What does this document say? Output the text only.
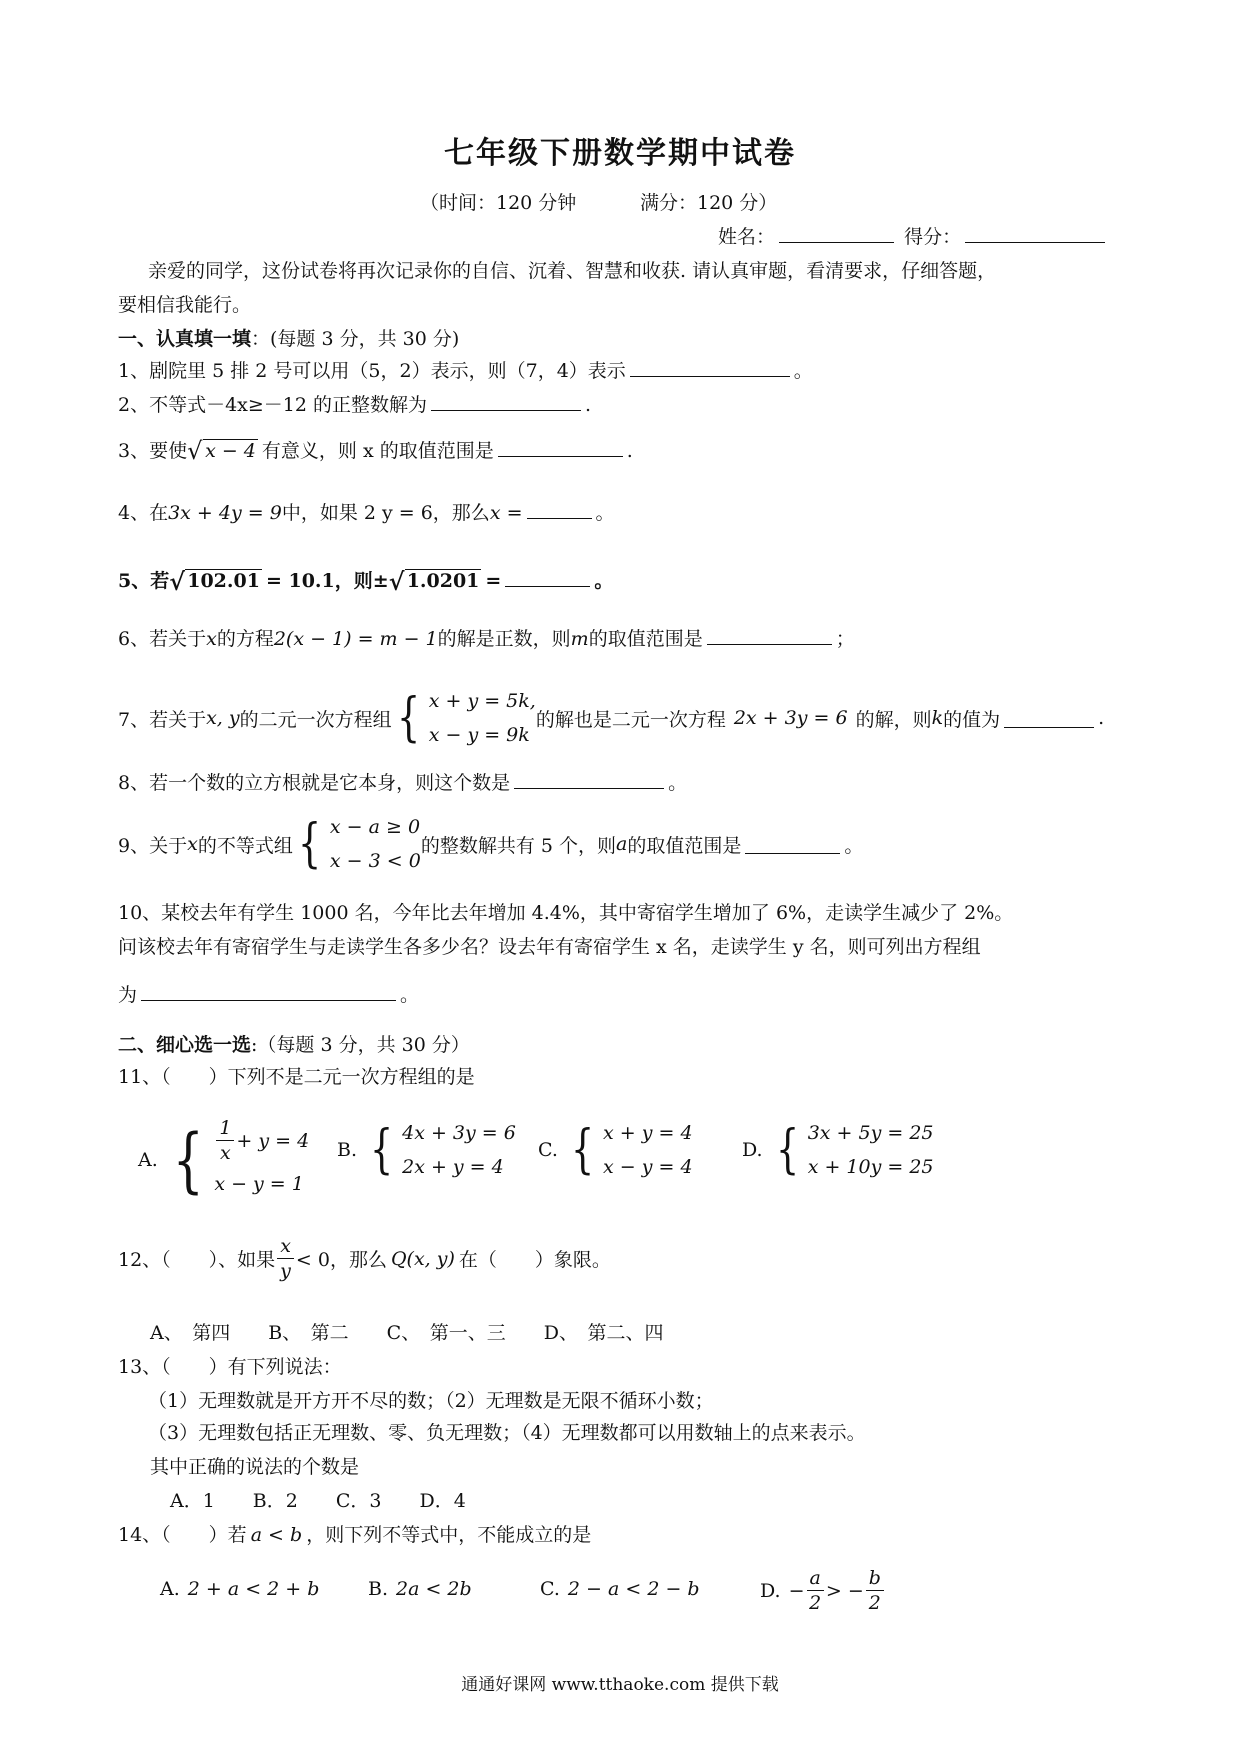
七年级下册数学期中试卷
（时间：120 分钟	满分：120 分）
姓名：	得分：
亲爱的同学，这份试卷将再次记录你的自信、沉着、智慧和收获. 请认真审题，看清要求，仔细答题，
要相信我能行。
一、认真填一填：(每题 3 分，共 30 分)
1、剧院里 5 排 2 号可以用（5，2）表示，则（7，4）表示	。
2、不等式－4x≥－12 的正整数解为	.
3、要使 √ x − 4 有意义，则 x 的取值范围是	.
4、在3x + 4y = 9中，如果 2 y = 6，那么x =	。
5、若 √ 102.01 = 10.1，则± √ 1.0201 =	。
6、若关于x的方程2(x − 1) = m − 1的解是正数，则m的取值范围是	；
7、若关于 x, y 的二元一次方程组 { x + y = 5k,
x − y = 9k
的解也是二元一次方程 2x + 3y = 6 的解，则 k 的值为	.
8、若一个数的立方根就是它本身，则这个数是	。
9、关于 x 的不等式组 { x − a ≥ 0
x − 3 < 0
的整数解共有 5 个，则 a 的取值范围是	。
10、某校去年有学生 1000 名，今年比去年增加 4.4%，其中寄宿学生增加了 6%，走读学生减少了 2%。
问该校去年有寄宿学生与走读学生各多少名？设去年有寄宿学生 x 名，走读学生 y 名，则可列出方程组
为	。
二、细心选一选:（每题 3 分，共 30 分）
11、（　　）下列不是二元一次方程组的是
A. { $\frac{1}{x} + y = 4$
x − y = 1
B. { 4x + 3y = 6
2x + y = 4
C. { x + y = 4
x − y = 4
D. { 3x + 5y = 25
x + 10y = 25
12、（　　）、如果 $\frac{x}{y} < 0$，那么 Q(x, y) 在（　　）象限。
A、　第四　　B、　第二　　C、　第一、三　　D、　第二、四
13、（　　）有下列说法：
（1）无理数就是开方开不尽的数；（2）无理数是无限不循环小数；
（3）无理数包括正无理数、零、负无理数；（4）无理数都可以用数轴上的点来表示。
其中正确的说法的个数是
A．1　　B．2　　C．3　　D．4
14、（　　）若 a < b ，则下列不等式中，不能成立的是
A. 2 + a < 2 + b	B. 2a < 2b	C. 2 − a < 2 − b	D. − $\frac{a}{2}$ > − $\frac{b}{2}$
通通好课网 www.tthaoke.com 提供下载
